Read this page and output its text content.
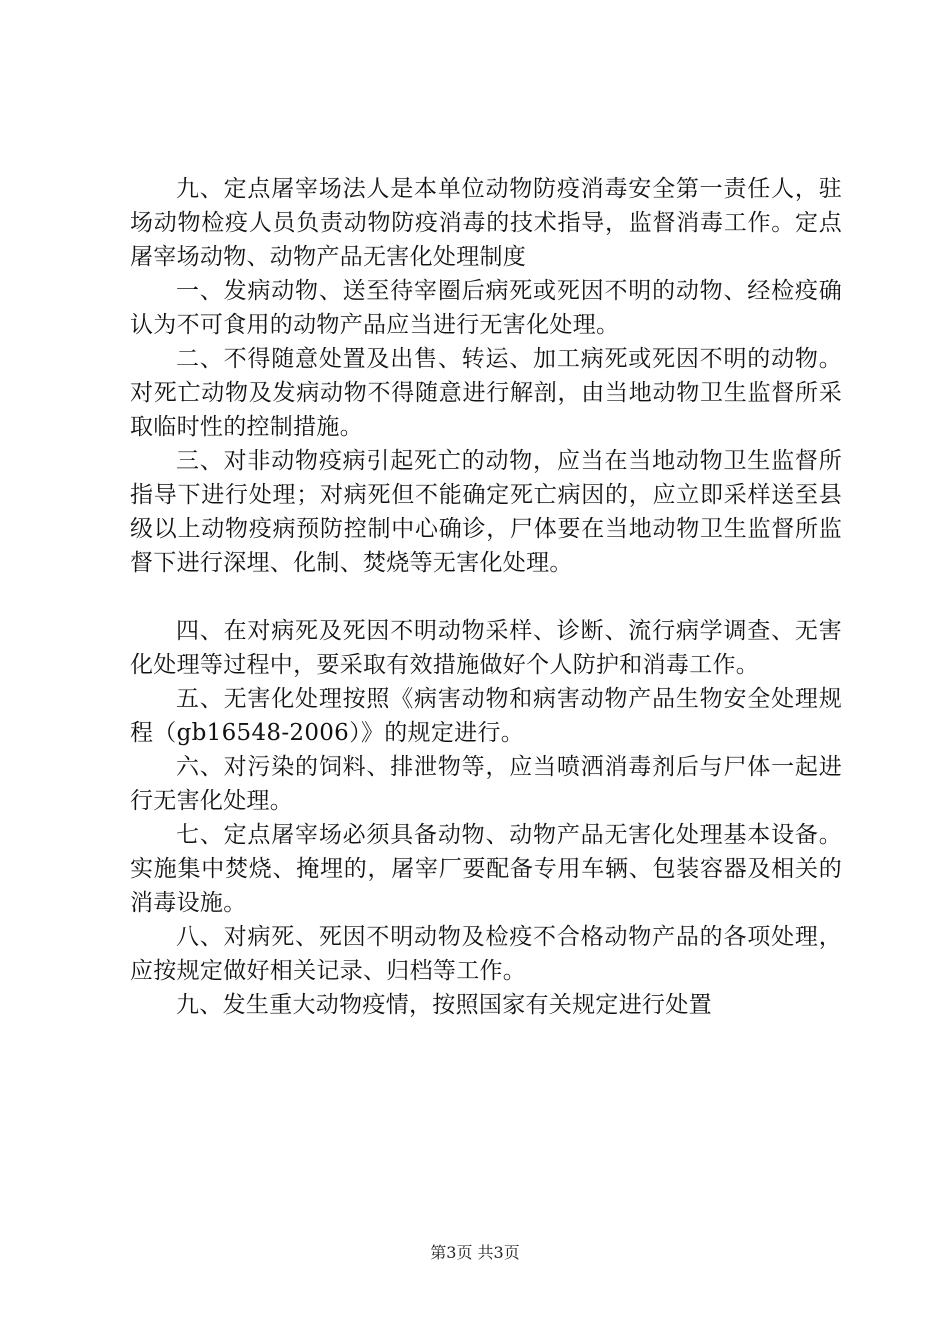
九、定点屠宰场法人是本单位动物防疫消毒安全第一责任人，驻场动物检疫人员负责动物防疫消毒的技术指导，监督消毒工作。定点屠宰场动物、动物产品无害化处理制度

一、发病动物、送至待宰圈后病死或死因不明的动物、经检疫确认为不可食用的动物产品应当进行无害化处理。

二、不得随意处置及出售、转运、加工病死或死因不明的动物。对死亡动物及发病动物不得随意进行解剖，由当地动物卫生监督所采取临时性的控制措施。

三、对非动物疫病引起死亡的动物，应当在当地动物卫生监督所指导下进行处理；对病死但不能确定死亡病因的，应立即采样送至县级以上动物疫病预防控制中心确诊，尸体要在当地动物卫生监督所监督下进行深埋、化制、焚烧等无害化处理。

四、在对病死及死因不明动物采样、诊断、流行病学调查、无害化处理等过程中，要采取有效措施做好个人防护和消毒工作。

五、无害化处理按照《病害动物和病害动物产品生物安全处理规程（gb16548-2006）》的规定进行。

六、对污染的饲料、排泄物等，应当喷洒消毒剂后与尸体一起进行无害化处理。

七、定点屠宰场必须具备动物、动物产品无害化处理基本设备。实施集中焚烧、掩埋的，屠宰厂要配备专用车辆、包装容器及相关的消毒设施。

八、对病死、死因不明动物及检疫不合格动物产品的各项处理，应按规定做好相关记录、归档等工作。

九、发生重大动物疫情，按照国家有关规定进行处置

第3页 共3页
